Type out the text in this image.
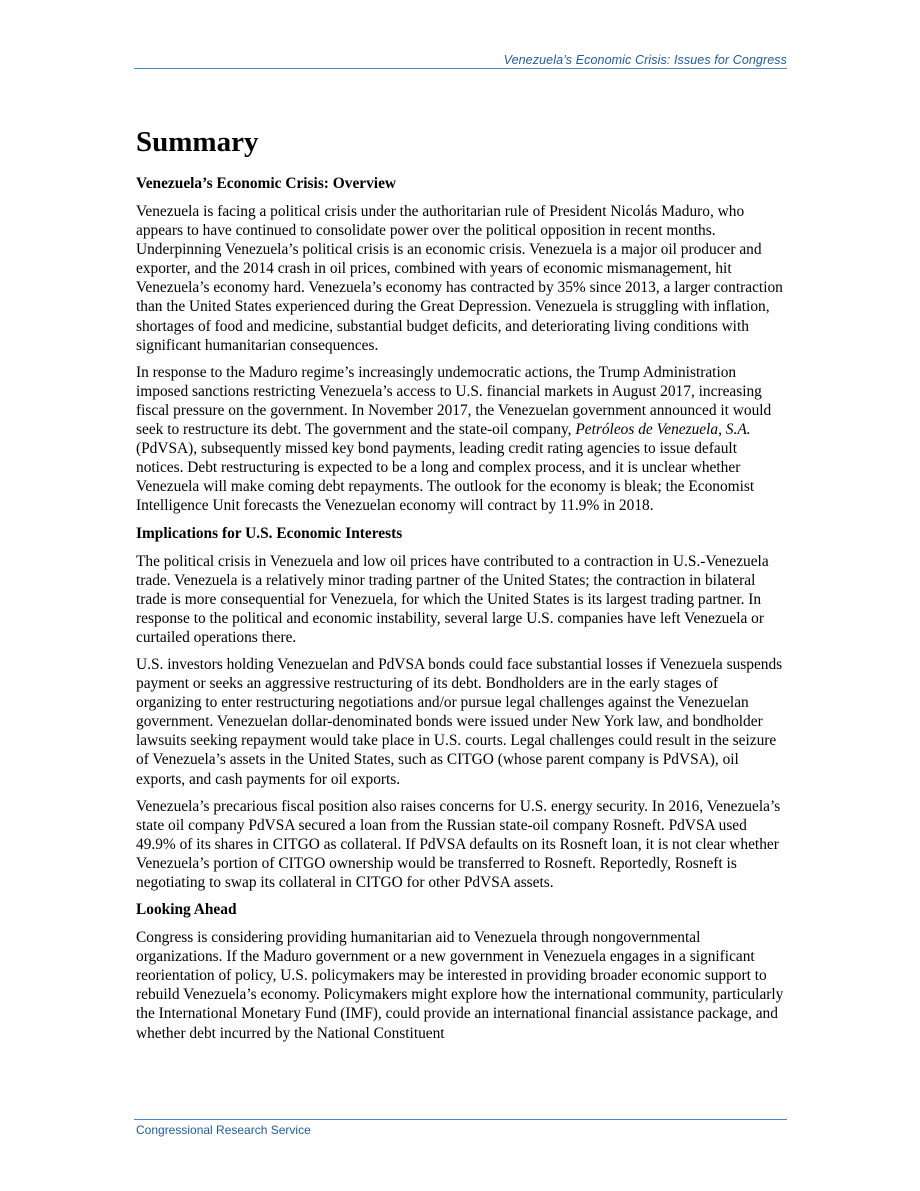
Venezuela’s Economic Crisis: Issues for Congress
Summary
Venezuela’s Economic Crisis: Overview

Venezuela is facing a political crisis under the authoritarian rule of President Nicolás Maduro, who appears to have continued to consolidate power over the political opposition in recent months. Underpinning Venezuela’s political crisis is an economic crisis. Venezuela is a major oil producer and exporter, and the 2014 crash in oil prices, combined with years of economic mismanagement, hit Venezuela’s economy hard. Venezuela’s economy has contracted by 35% since 2013, a larger contraction than the United States experienced during the Great Depression. Venezuela is struggling with inflation, shortages of food and medicine, substantial budget deficits, and deteriorating living conditions with significant humanitarian consequences.

In response to the Maduro regime’s increasingly undemocratic actions, the Trump Administration imposed sanctions restricting Venezuela’s access to U.S. financial markets in August 2017, increasing fiscal pressure on the government. In November 2017, the Venezuelan government announced it would seek to restructure its debt. The government and the state-oil company, Petróleos de Venezuela, S.A. (PdVSA), subsequently missed key bond payments, leading credit rating agencies to issue default notices. Debt restructuring is expected to be a long and complex process, and it is unclear whether Venezuela will make coming debt repayments. The outlook for the economy is bleak; the Economist Intelligence Unit forecasts the Venezuelan economy will contract by 11.9% in 2018.

Implications for U.S. Economic Interests

The political crisis in Venezuela and low oil prices have contributed to a contraction in U.S.-Venezuela trade. Venezuela is a relatively minor trading partner of the United States; the contraction in bilateral trade is more consequential for Venezuela, for which the United States is its largest trading partner. In response to the political and economic instability, several large U.S. companies have left Venezuela or curtailed operations there.

U.S. investors holding Venezuelan and PdVSA bonds could face substantial losses if Venezuela suspends payment or seeks an aggressive restructuring of its debt. Bondholders are in the early stages of organizing to enter restructuring negotiations and/or pursue legal challenges against the Venezuelan government. Venezuelan dollar-denominated bonds were issued under New York law, and bondholder lawsuits seeking repayment would take place in U.S. courts. Legal challenges could result in the seizure of Venezuela’s assets in the United States, such as CITGO (whose parent company is PdVSA), oil exports, and cash payments for oil exports.

Venezuela’s precarious fiscal position also raises concerns for U.S. energy security. In 2016, Venezuela’s state oil company PdVSA secured a loan from the Russian state-oil company Rosneft. PdVSA used 49.9% of its shares in CITGO as collateral. If PdVSA defaults on its Rosneft loan, it is not clear whether Venezuela’s portion of CITGO ownership would be transferred to Rosneft. Reportedly, Rosneft is negotiating to swap its collateral in CITGO for other PdVSA assets.

Looking Ahead

Congress is considering providing humanitarian aid to Venezuela through nongovernmental organizations. If the Maduro government or a new government in Venezuela engages in a significant reorientation of policy, U.S. policymakers may be interested in providing broader economic support to rebuild Venezuela’s economy. Policymakers might explore how the international community, particularly the International Monetary Fund (IMF), could provide an international financial assistance package, and whether debt incurred by the National Constituent

Congressional Research Service
